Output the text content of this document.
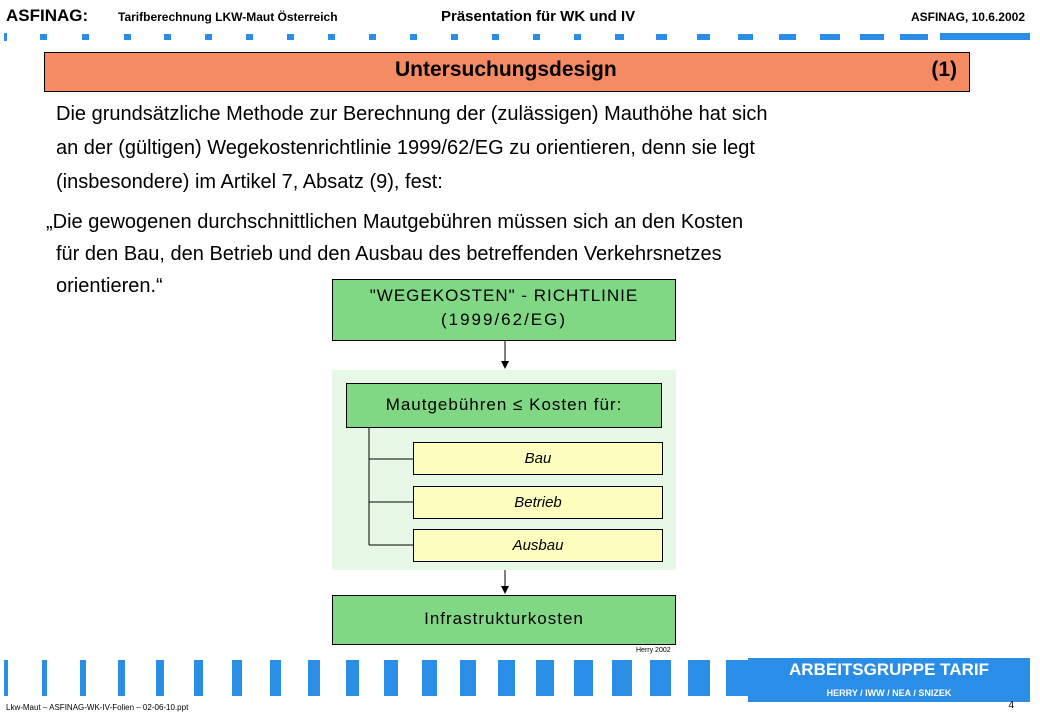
ASFINAG: Tarifberechnung LKW-Maut Österreich	Präsentation für WK und IV	ASFINAG, 10.6.2002
Untersuchungsdesign	(1)
Die grundsätzliche Methode zur Berechnung der (zulässigen) Mauthöhe hat sich
an der (gültigen) Wegekostenrichtlinie 1999/62/EG zu orientieren, denn sie legt
(insbesondere) im Artikel 7, Absatz (9), fest:
„Die gewogenen durchschnittlichen Mautgebühren müssen sich an den Kosten
für den Bau, den Betrieb und den Ausbau des betreffenden Verkehrsnetzes
orientieren.“	"WEGEKOSTEN" - RICHTLINIE
(1999/62/EG)
Mautgebühren ≤ Kosten für:
Bau
Betrieb
Ausbau
Infrastrukturkosten
Herry 2002
ARBEITSGRUPPE TARIF
HERRY / IWW / NEA / SNIZEK
Lkw-Maut – ASFINAG-WK-IV-Folien – 02-06-10.ppt	4
